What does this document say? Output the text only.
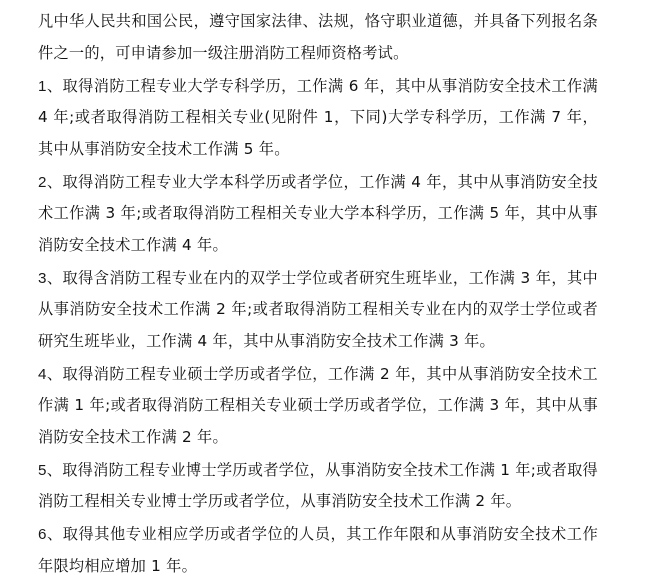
凡中华人民共和国公民，遵守国家法律、法规，恪守职业道德，并具备下列报名条件之一的，可申请参加一级注册消防工程师资格考试。

1、取得消防工程专业大学专科学历，工作满 6 年，其中从事消防安全技术工作满 4 年;或者取得消防工程相关专业(见附件 1，下同)大学专科学历，工作满 7 年，其中从事消防安全技术工作满 5 年。

2、取得消防工程专业大学本科学历或者学位，工作满 4 年，其中从事消防安全技术工作满 3 年;或者取得消防工程相关专业大学本科学历，工作满 5 年，其中从事消防安全技术工作满 4 年。

3、取得含消防工程专业在内的双学士学位或者研究生班毕业，工作满 3 年，其中从事消防安全技术工作满 2 年;或者取得消防工程相关专业在内的双学士学位或者研究生班毕业，工作满 4 年，其中从事消防安全技术工作满 3 年。

4、取得消防工程专业硕士学历或者学位，工作满 2 年，其中从事消防安全技术工作满 1 年;或者取得消防工程相关专业硕士学历或者学位，工作满 3 年，其中从事消防安全技术工作满 2 年。

5、取得消防工程专业博士学历或者学位，从事消防安全技术工作满 1 年;或者取得消防工程相关专业博士学历或者学位，从事消防安全技术工作满 2 年。

6、取得其他专业相应学历或者学位的人员，其工作年限和从事消防安全技术工作年限均相应增加 1 年。
